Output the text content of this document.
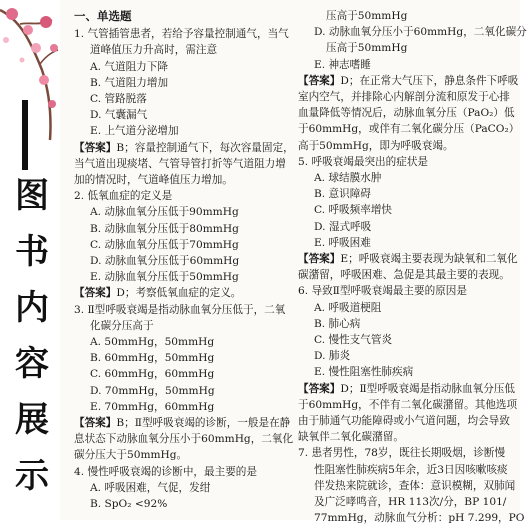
图
书
内
容
展
示
一、单选题
1. 气管插管患者，若给予容量控制通气，当气
道峰值压力升高时，需注意
A. 气道阻力下降
B. 气道阻力增加
C. 管路脱落
D. 气囊漏气
E. 上气道分泌增加
【答案】B；容量控制通气下，每次容量固定，
当气道出现痰堵、气管导管打折等气道阻力增
加的情况时，气道峰值压力增加。
2. 低氧血症的定义是
A. 动脉血氧分压低于90mmHg
B. 动脉血氧分压低于80mmHg
C. 动脉血氧分压低于70mmHg
D. 动脉血氧分压低于60mmHg
E. 动脉血氧分压低于50mmHg
【答案】D；考察低氧血症的定义。
3. Ⅱ型呼吸衰竭是指动脉血氧分压低于，二氧
化碳分压高于
A. 50mmHg，50mmHg
B. 60mmHg，50mmHg
C. 60mmHg，60mmHg
D. 70mmHg，50mmHg
E. 70mmHg，60mmHg
【答案】B；Ⅱ型呼吸衰竭的诊断，一般是在静
息状态下动脉血氧分压小于60mmHg，二氧化
碳分压大于50mmHg。
4. 慢性呼吸衰竭的诊断中，最主要的是
A. 呼吸困难，气促，发绀
B. SpO₂ <92%
压高于50mmHg
D. 动脉血氧分压小于60mmHg，二氧化碳分
压高于50mmHg
E. 神志嗜睡
【答案】D；在正常大气压下，静息条件下呼吸
室内空气，并排除心内解剖分流和原发于心排
血量降低等情况后，动脉血氧分压（PaO₂）低
于60mmHg，或伴有二氧化碳分压（PaCO₂）
高于50mmHg，即为呼吸衰竭。
5. 呼吸衰竭最突出的症状是
A. 球结膜水肿
B. 意识障碍
C. 呼吸频率增快
D. 湿式呼吸
E. 呼吸困难
【答案】E；呼吸衰竭主要表现为缺氧和二氧化
碳潴留，呼吸困难、急促是其最主要的表现。
6. 导致Ⅱ型呼吸衰竭最主要的原因是
A. 呼吸道梗阻
B. 肺心病
C. 慢性支气管炎
D. 肺炎
E. 慢性阻塞性肺疾病
【答案】D；Ⅱ型呼吸衰竭是指动脉血氧分压低
于60mmHg，不伴有二氧化碳潴留。其他选项
由于肺通气功能障碍或小气道问题，均会导致
缺氧伴二氧化碳潴留。
7. 患者男性，78岁，既往长期吸烟，诊断慢
性阻塞性肺疾病5年余，近3日因咳嗽咳痰
伴发热来院就诊，查体：意识模糊，双肺闻
及广泛哮鸣音，HR 113次/分，BP 101/
77mmHg，动脉血气分析：pH 7.299，PO
